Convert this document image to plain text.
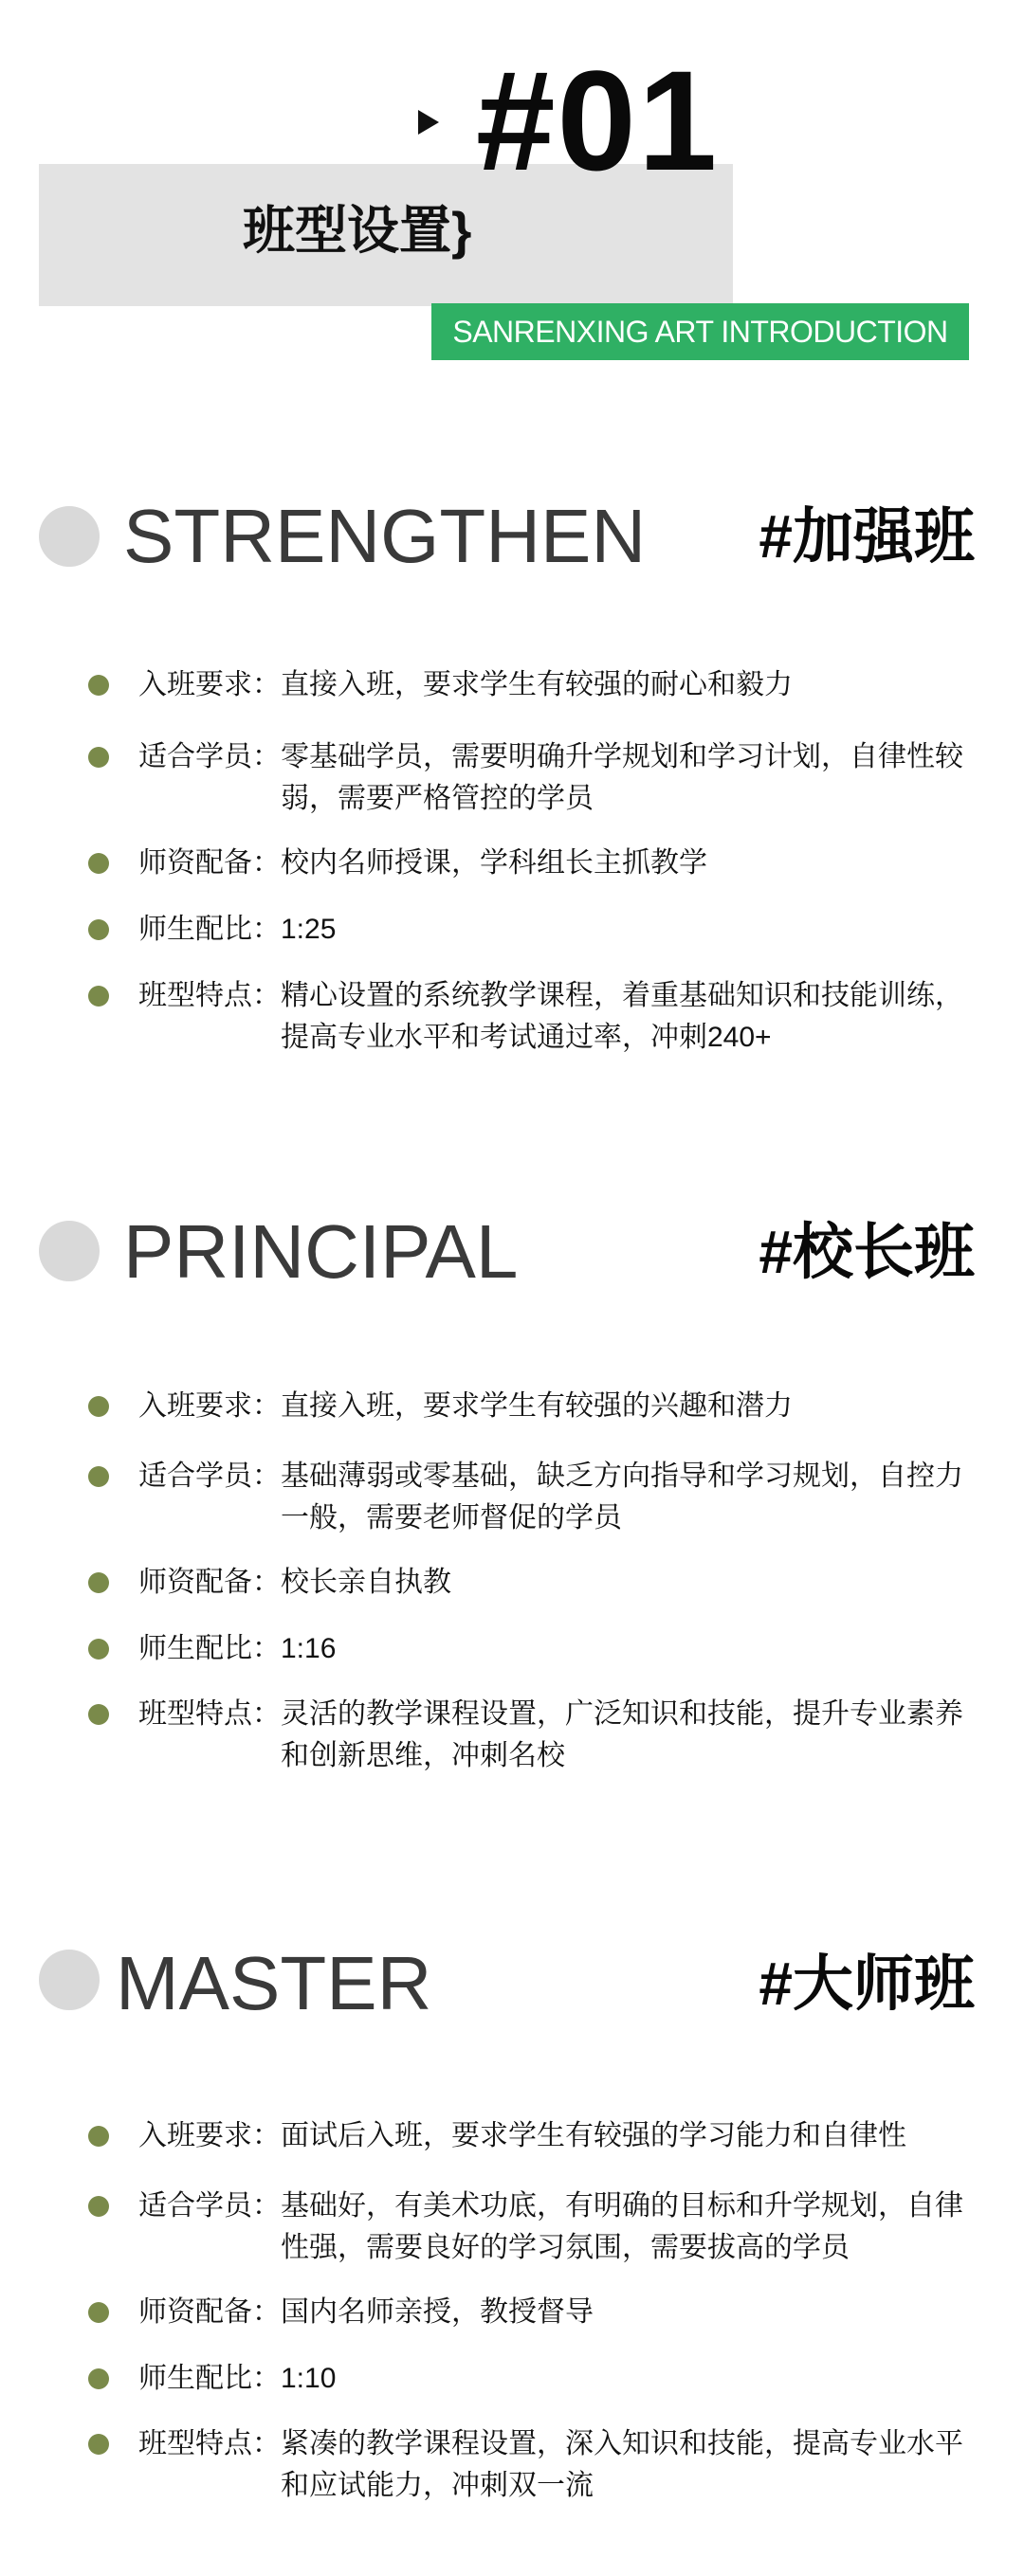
#01
班型设置}
SANRENXING ART INTRODUCTION
STRENGTHEN #加强班

入班要求： 直接入班，要求学生有较强的耐心和毅力

适合学员： 零基础学员，需要明确升学规划和学习计划，自律性较弱，需要严格管控的学员

师资配备： 校内名师授课，学科组长主抓教学

师生配比： 1:25

班型特点： 精心设置的系统教学课程，着重基础知识和技能训练，提高专业水平和考试通过率，冲刺240+

PRINCIPAL	#校长班

入班要求： 直接入班，要求学生有较强的兴趣和潜力

适合学员： 基础薄弱或零基础，缺乏方向指导和学习规划，自控力一般，需要老师督促的学员

师资配备： 校长亲自执教

师生配比： 1:16

班型特点： 灵活的教学课程设置，广泛知识和技能，提升专业素养和创新思维，冲刺名校

MASTER	#大师班

入班要求： 面试后入班，要求学生有较强的学习能力和自律性

适合学员： 基础好，有美术功底，有明确的目标和升学规划，自律性强，需要良好的学习氛围，需要拔高的学员

师资配备： 国内名师亲授，教授督导

师生配比： 1:10

班型特点： 紧凑的教学课程设置，深入知识和技能，提高专业水平和应试能力，冲刺双一流
